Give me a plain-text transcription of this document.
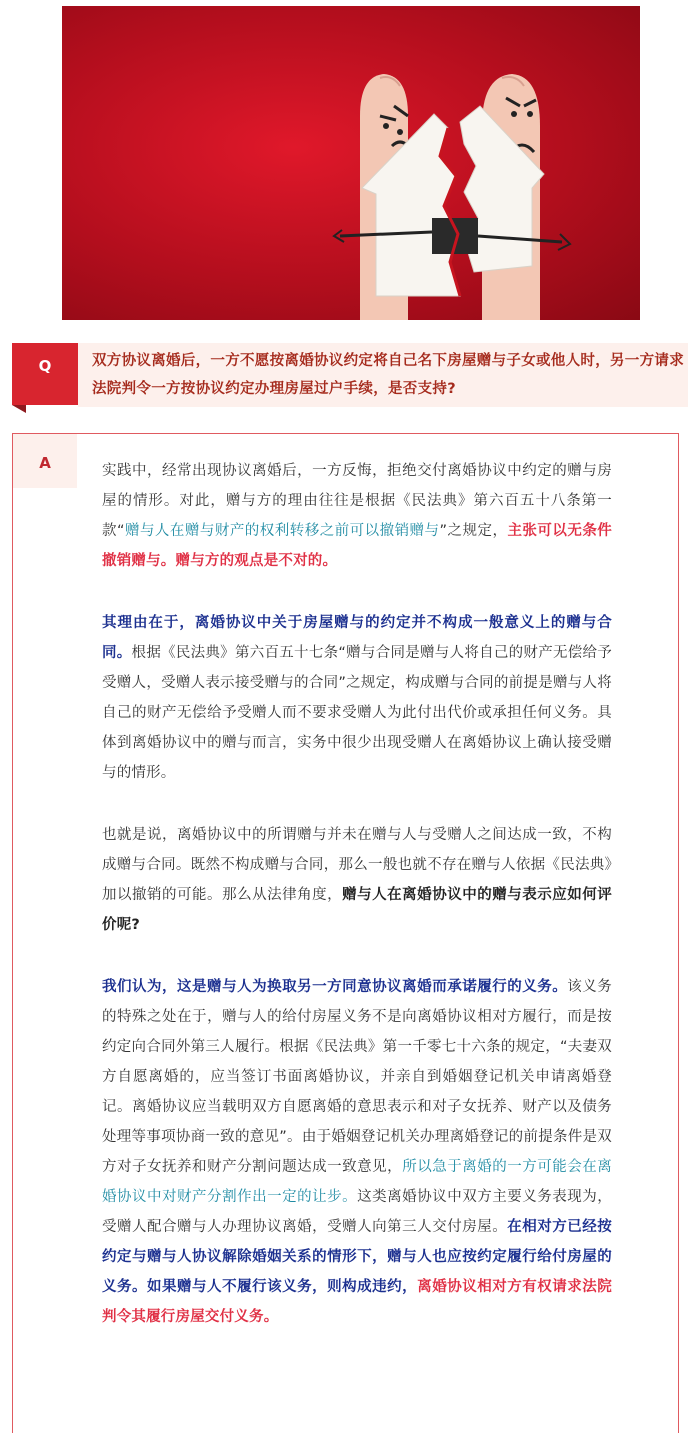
Q	双方协议离婚后，一方不愿按离婚协议约定将自己名下房屋赠与子女或他人时，另一方请求法院判令一方按协议约定办理房屋过户手续，是否支持?
A	实践中，经常出现协议离婚后，一方反悔，拒绝交付离婚协议中约定的赠与房屋的情形。对此，赠与方的理由往往是根据《民法典》第六百五十八条第一款“赠与人在赠与财产的权利转移之前可以撤销赠与”之规定，主张可以无条件撤销赠与。赠与方的观点是不对的。

其理由在于，离婚协议中关于房屋赠与的约定并不构成一般意义上的赠与合同。根据《民法典》第六百五十七条“赠与合同是赠与人将自己的财产无偿给予受赠人，受赠人表示接受赠与的合同”之规定，构成赠与合同的前提是赠与人将自己的财产无偿给予受赠人而不要求受赠人为此付出代价或承担任何义务。具体到离婚协议中的赠与而言，实务中很少出现受赠人在离婚协议上确认接受赠与的情形。

也就是说，离婚协议中的所谓赠与并未在赠与人与受赠人之间达成一致，不构成赠与合同。既然不构成赠与合同，那么一般也就不存在赠与人依据《民法典》加以撤销的可能。那么从法律角度，赠与人在离婚协议中的赠与表示应如何评价呢?

我们认为，这是赠与人为换取另一方同意协议离婚而承诺履行的义务。该义务的特殊之处在于，赠与人的给付房屋义务不是向离婚协议相对方履行，而是按约定向合同外第三人履行。根据《民法典》第一千零七十六条的规定，“夫妻双方自愿离婚的，应当签订书面离婚协议，并亲自到婚姻登记机关申请离婚登记。离婚协议应当载明双方自愿离婚的意思表示和对子女抚养、财产以及债务处理等事项协商一致的意见”。由于婚姻登记机关办理离婚登记的前提条件是双方对子女抚养和财产分割问题达成一致意见，所以急于离婚的一方可能会在离婚协议中对财产分割作出一定的让步。这类离婚协议中双方主要义务表现为，受赠人配合赠与人办理协议离婚，受赠人向第三人交付房屋。在相对方已经按约定与赠与人协议解除婚姻关系的情形下，赠与人也应按约定履行给付房屋的义务。如果赠与人不履行该义务，则构成违约，离婚协议相对方有权请求法院判令其履行房屋交付义务。
